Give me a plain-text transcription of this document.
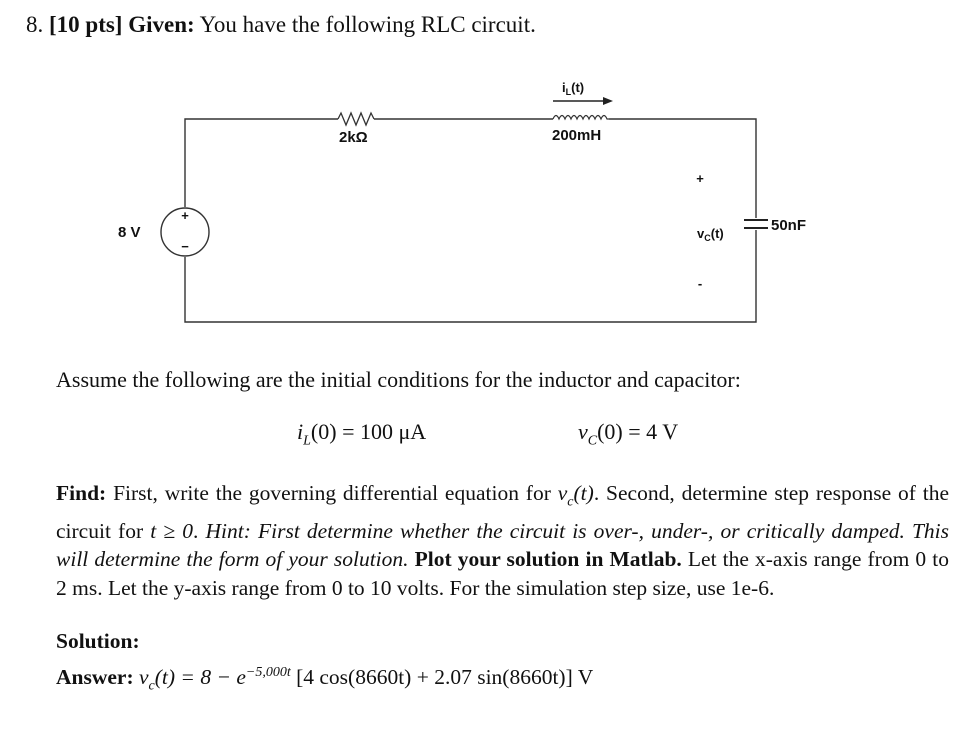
8. [10 pts] Given: You have the following RLC circuit.
+
−
8 V
2kΩ	200mH
$i_L(t)$
50nF
+
$v_C(t)$
-
Assume the following are the initial conditions for the inductor and capacitor:
$i_L(0) = 100$ μA	$v_C(0) = 4$ V
Find: First, write the governing differential equation for $v_c(t)$. Second, determine step response of the circuit for t ≥ 0. Hint: First determine whether the circuit is over-, under-, or critically damped. This will determine the form of your solution. Plot your solution in Matlab. Let the x-axis range from 0 to 2 ms. Let the y-axis range from 0 to 10 volts. For the simulation step size, use 1e-6.
Solution:
Answer: $v_c(t) = 8 - e^{-5,000t}$ [4 cos(8660t) + 2.07 sin(8660t)] V
